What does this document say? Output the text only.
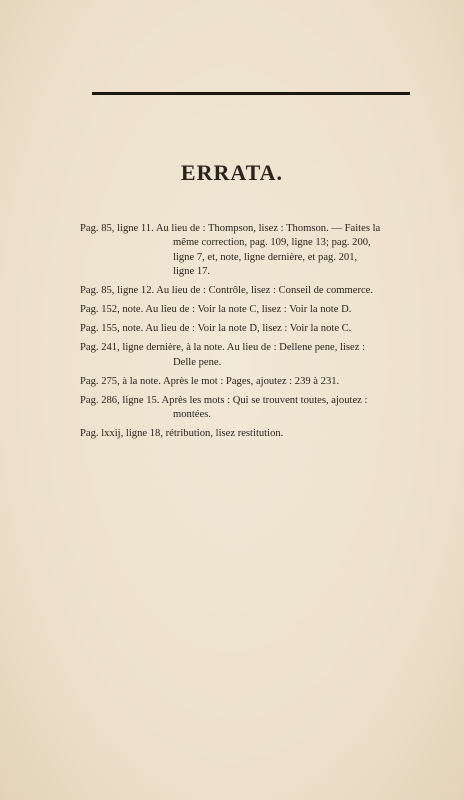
ERRATA.
Pag. 85, ligne 11. Au lieu de : Thompson, lisez : Thomson. — Faites la
même correction, pag. 109, ligne 13; pag. 200,
ligne 7, et, note, ligne dernière, et pag. 201,
ligne 17.
Pag. 85, ligne 12. Au lieu de : Contrôle, lisez : Conseil de commerce.
Pag. 152, note. Au lieu de : Voir la note C, lisez : Voir la note D.
Pag. 155, note. Au lieu de : Voir la note D, lisez : Voir la note C.
Pag. 241, ligne dernière, à la note. Au lieu de : Dellene pene, lisez :
Delle pene.
Pag. 275, à la note. Après le mot : Pages, ajoutez : 239 à 231.
Pag. 286, ligne 15. Après les mots : Qui se trouvent toutes, ajoutez :
montées.
Pag. lxxij, ligne 18, rétribution, lisez restitution.
